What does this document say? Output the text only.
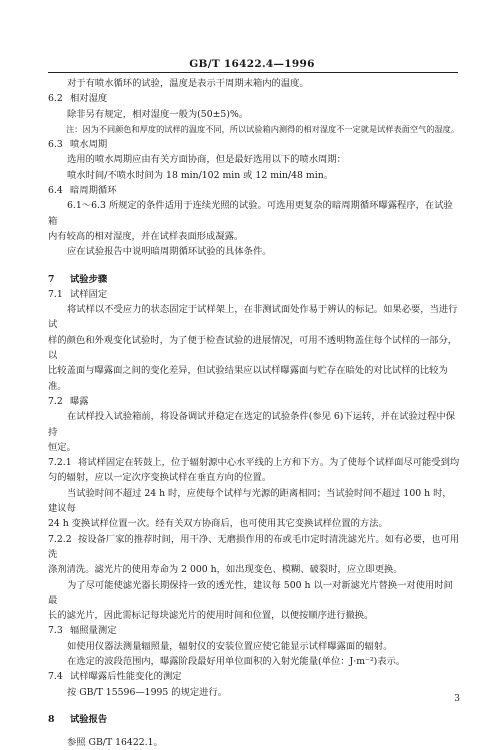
GB/T 16422.4—1996

对于有喷水循环的试验，温度是表示干周期末箱内的温度。

6.2 相对湿度

除非另有规定，相对湿度一般为(50±5)%。

注：因为不同颜色和厚度的试样的温度不同，所以试验箱内测得的相对湿度不一定就是试样表面空气的湿度。

6.3 喷水周期

选用的喷水周期应由有关方面协商，但是最好选用以下的喷水周期：

喷水时间/不喷水时间为 18 min/102 min 或 12 min/48 min。

6.4 暗周期循环

6.1～6.3 所规定的条件适用于连续光照的试验。可选用更复杂的暗周期循环曝露程序，在试验箱

内有较高的相对湿度，并在试样表面形成凝露。

应在试验报告中说明暗周期循环试验的具体条件。

7 试验步骤

7.1 试样固定

将试样以不受应力的状态固定于试样架上，在非测试面处作易于辨认的标记。如果必要，当进行试

样的颜色和外观变化试验时，为了便于检查试验的进展情况，可用不透明物盖住每个试样的一部分，以

比较盖面与曝露面之间的变化差异，但试验结果应以试样曝露面与贮存在暗处的对比试样的比较为准。

7.2 曝露

在试样投入试验箱前，将设备调试并稳定在选定的试验条件(参见 6)下运转，并在试验过程中保持

恒定。

7.2.1 将试样固定在转鼓上，位于辐射源中心水平线的上方和下方。为了使每个试样面尽可能受到均

匀的辐射，应以一定次序变换试样在垂直方向的位置。

当试验时间不超过 24 h 时，应使每个试样与光源的距离相同；当试验时间不超过 100 h 时，建议每

24 h 变换试样位置一次。经有关双方协商后，也可使用其它变换试样位置的方法。

7.2.2 按设备厂家的推荐时间，用干净、无磨损作用的布或毛巾定时清洗滤光片。如有必要，也可用洗

涤剂清洗。滤光片的使用寿命为 2 000 h，如出现变色、模糊、破裂时，应立即更换。

为了尽可能使滤光器长期保持一致的透光性，建议每 500 h 以一对新滤光片替换一对使用时间最

长的滤光片，因此需标记每块滤光片的使用时间和位置，以便按顺序进行撤换。

7.3 辐照量测定

如使用仪器法测量辐照量，辐射仪的安装位置应使它能显示试样曝露面的辐射。

在选定的波段范围内，曝露阶段最好用单位面积的入射光能量(单位：J·m⁻²)表示。

7.4 试样曝露后性能变化的测定

按 GB/T 15596—1995 的规定进行。

8 试验报告

参照 GB/T 16422.1。

3
